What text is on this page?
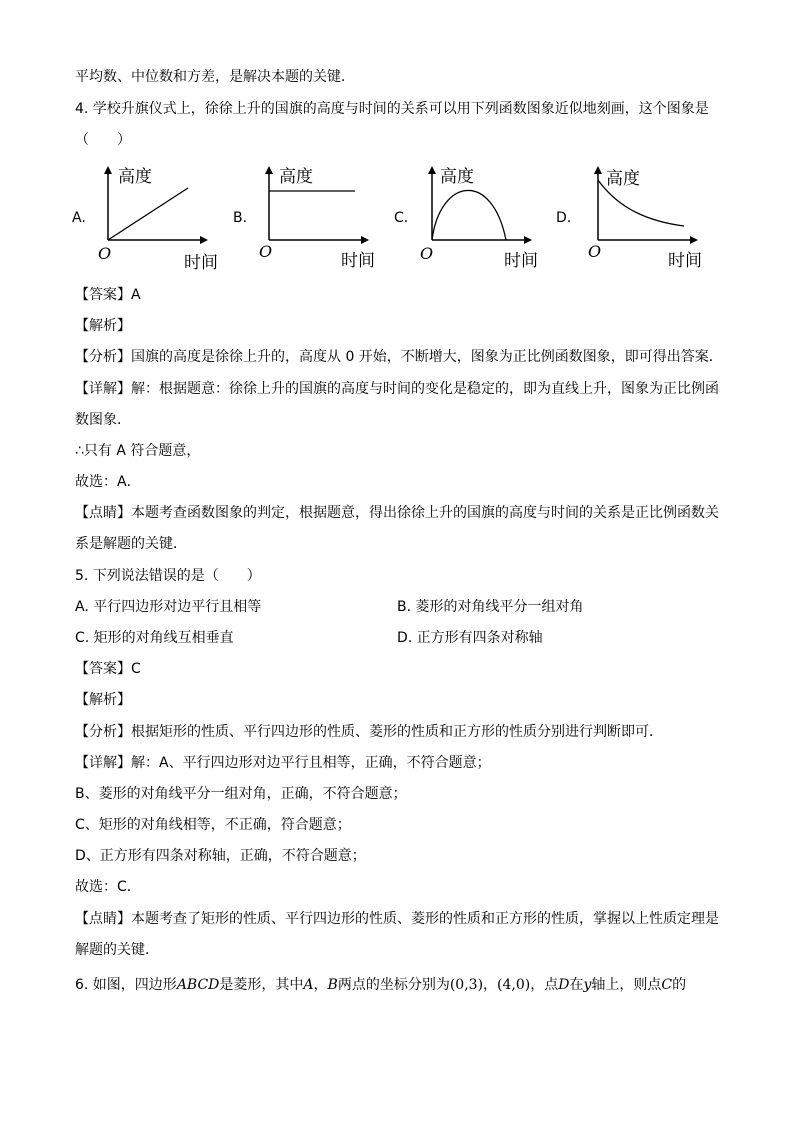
平均数、中位数和方差，是解决本题的关键．
4. 学校升旗仪式上，徐徐上升的国旗的高度与时间的关系可以用下列函数图象近似地刻画，这个图象是
（　　）
A.
高度
O	时间
B.
高度
O	时间
C.
高度
O	时间
D.
高度
O	时间
【答案】A
【解析】
【分析】国旗的高度是徐徐上升的，高度从 0 开始，不断增大，图象为正比例函数图象，即可得出答案．
【详解】解：根据题意：徐徐上升的国旗的高度与时间的变化是稳定的，即为直线上升，图象为正比例函
数图象．
∴只有 A 符合题意，
故选：A．
【点睛】本题考查函数图象的判定，根据题意，得出徐徐上升的国旗的高度与时间的关系是正比例函数关
系是解题的关键．
5. 下列说法错误的是（　　）
A. 平行四边形对边平行且相等	B. 菱形的对角线平分一组对角
C. 矩形的对角线互相垂直	D. 正方形有四条对称轴
【答案】C
【解析】
【分析】根据矩形的性质、平行四边形的性质、菱形的性质和正方形的性质分别进行判断即可．
【详解】解：A、平行四边形对边平行且相等，正确，不符合题意；
B、菱形的对角线平分一组对角，正确，不符合题意；
C、矩形的对角线相等，不正确，符合题意；
D、正方形有四条对称轴，正确，不符合题意；
故选：C．
【点睛】本题考查了矩形的性质、平行四边形的性质、菱形的性质和正方形的性质，掌握以上性质定理是
解题的关键．
6. 如图，四边形ABCD是菱形，其中A，B两点的坐标分别为(0,3)，(4,0)，点D在y轴上，则点C的
